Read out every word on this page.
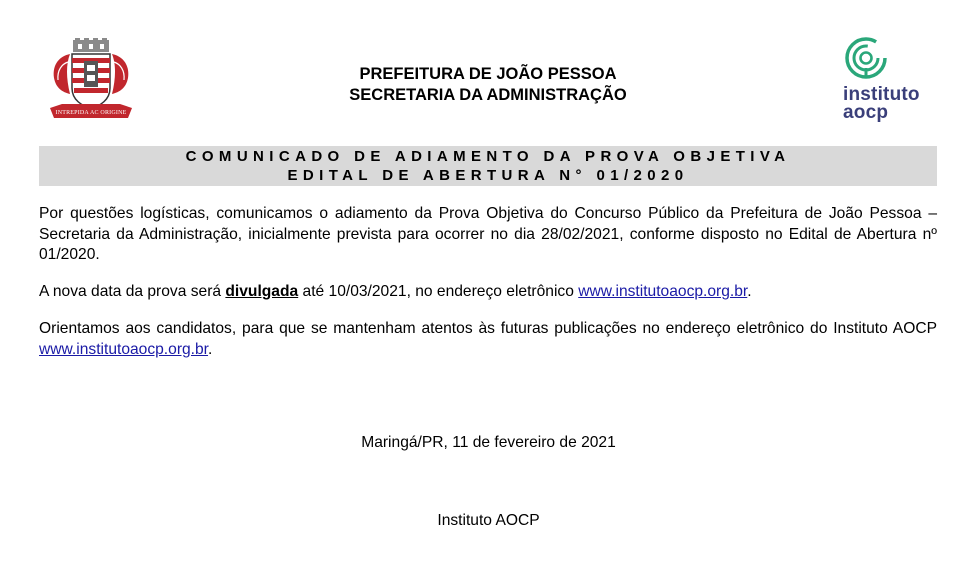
INTREPIDA AC ORIGINE
PREFEITURA DE JOÃO PESSOA
SECRETARIA DA ADMINISTRAÇÃO	instituto
aocp
COMUNICADO DE ADIAMENTO DA PROVA OBJETIVA
EDITAL DE ABERTURA N° 01/2020

Por questões logísticas, comunicamos o adiamento da Prova Objetiva do Concurso Público da Prefeitura de João Pessoa – Secretaria da Administração, inicialmente prevista para ocorrer no dia 28/02/2021, conforme disposto no Edital de Abertura nº 01/2020.

A nova data da prova será divulgada até 10/03/2021, no endereço eletrônico www.institutoaocp.org.br.

Orientamos aos candidatos, para que se mantenham atentos às futuras publicações no endereço eletrônico do Instituto AOCP www.institutoaocp.org.br.

Maringá/PR, 11 de fevereiro de 2021
Instituto AOCP
